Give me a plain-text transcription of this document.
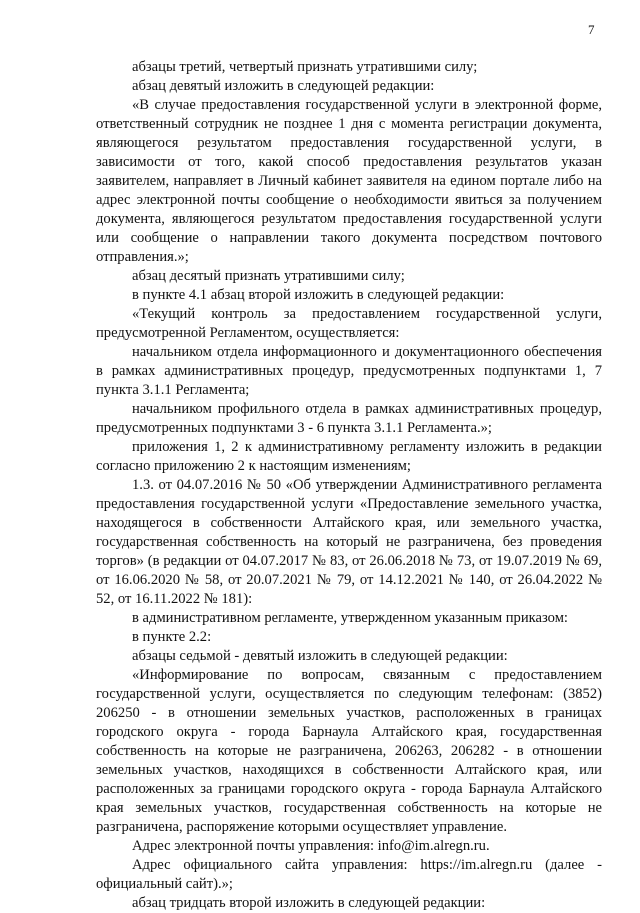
7

абзацы третий, четвертый признать утратившими силу;

абзац девятый изложить в следующей редакции:

«В случае предоставления государственной услуги в электронной форме, ответственный сотрудник не позднее 1 дня с момента регистрации документа, являющегося результатом предоставления государственной услуги, в зависимости от того, какой способ предоставления результатов указан заявителем, направляет в Личный кабинет заявителя на едином портале либо на адрес электронной почты сообщение о необходимости явиться за получением документа, являющегося результатом предоставления государственной услуги или сообщение о направлении такого документа посредством почтового отправления.»;

абзац десятый признать утратившими силу;

в пункте 4.1 абзац второй изложить в следующей редакции:

«Текущий контроль за предоставлением государственной услуги, предусмотренной Регламентом, осуществляется:

начальником отдела информационного и документационного обеспечения в рамках административных процедур, предусмотренных подпунктами 1, 7 пункта 3.1.1 Регламента;

начальником профильного отдела в рамках административных процедур, предусмотренных подпунктами 3 - 6 пункта 3.1.1 Регламента.»;

приложения 1, 2 к административному регламенту изложить в редакции согласно приложению 2 к настоящим изменениям;

1.3. от 04.07.2016 № 50 «Об утверждении Административного регламента предоставления государственной услуги «Предоставление земельного участка, находящегося в собственности Алтайского края, или земельного участка, государственная собственность на который не разграничена, без проведения торгов» (в редакции от 04.07.2017 № 83, от 26.06.2018 № 73, от 19.07.2019 № 69, от 16.06.2020 № 58, от 20.07.2021 № 79, от 14.12.2021 № 140, от 26.04.2022 № 52, от 16.11.2022 № 181):

в административном регламенте, утвержденном указанным приказом:

в пункте 2.2:

абзацы седьмой - девятый изложить в следующей редакции:

«Информирование по вопросам, связанным с предоставлением государственной услуги, осуществляется по следующим телефонам: (3852) 206250 - в отношении земельных участков, расположенных в границах городского округа - города Барнаула Алтайского края, государственная собственность на которые не разграничена, 206263, 206282 - в отношении земельных участков, находящихся в собственности Алтайского края, или расположенных за границами городского округа - города Барнаула Алтайского края земельных участков, государственная собственность на которые не разграничена, распоряжение которыми осуществляет управление.

Адрес электронной почты управления: info@im.alregn.ru.

Адрес официального сайта управления: https://im.alregn.ru (далее - официальный сайт).»;

абзац тридцать второй изложить в следующей редакции:
